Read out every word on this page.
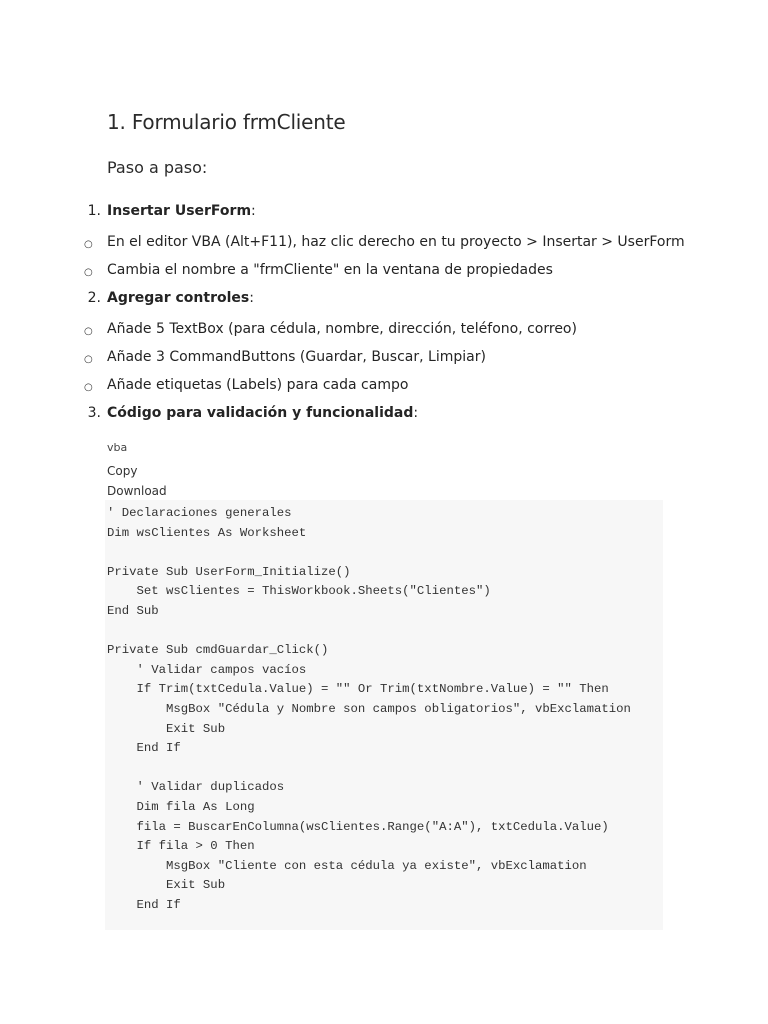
1. Formulario frmCliente

Paso a paso:

1. Insertar UserForm:
○ En el editor VBA (Alt+F11), haz clic derecho en tu proyecto > Insertar > UserForm
○ Cambia el nombre a "frmCliente" en la ventana de propiedades
2. Agregar controles:
○ Añade 5 TextBox (para cédula, nombre, dirección, teléfono, correo)
○ Añade 3 CommandButtons (Guardar, Buscar, Limpiar)
○ Añade etiquetas (Labels) para cada campo
3. Código para validación y funcionalidad:
vba
Copy
Download
' Declaraciones generales
Dim wsClientes As Worksheet

Private Sub UserForm_Initialize()
Set wsClientes = ThisWorkbook.Sheets("Clientes")
End Sub

Private Sub cmdGuardar_Click()
' Validar campos vacíos
If Trim(txtCedula.Value) = "" Or Trim(txtNombre.Value) = "" Then
MsgBox "Cédula y Nombre son campos obligatorios", vbExclamation
Exit Sub
End If

' Validar duplicados
Dim fila As Long
fila = BuscarEnColumna(wsClientes.Range("A:A"), txtCedula.Value)
If fila > 0 Then
MsgBox "Cliente con esta cédula ya existe", vbExclamation
Exit Sub
End If
